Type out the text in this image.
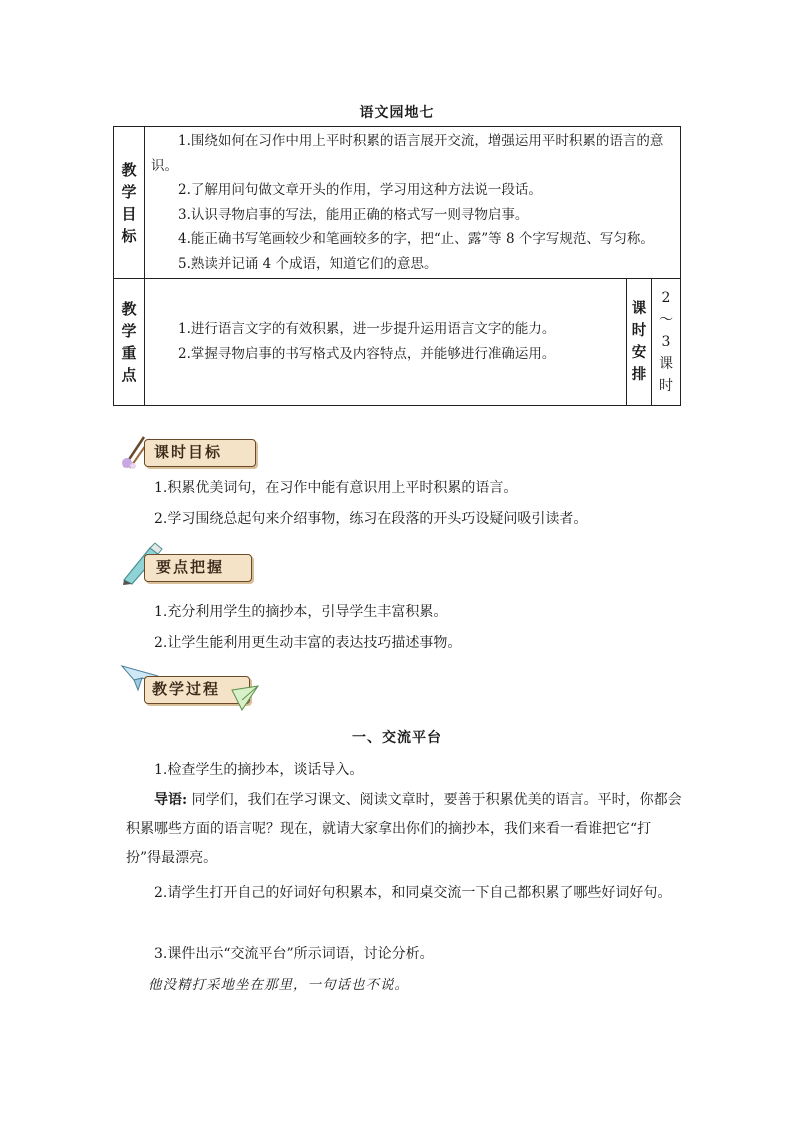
语文园地七
教学目标	1.围绕如何在习作中用上平时积累的语言展开交流，增强运用平时积累的语言的意识。

2.了解用问句做文章开头的作用，学习用这种方法说一段话。

3.认识寻物启事的写法，能用正确的格式写一则寻物启事。

4.能正确书写笔画较少和笔画较多的字，把“止、露”等 8 个字写规范、写匀称。

5.熟读并记诵 4 个成语，知道它们的意思。		

教学重点	1.进行语言文字的有效积累，进一步提升运用语言文字的能力。

2.掌握寻物启事的书写格式及内容特点，并能够进行准确运用。	课时安排	2～3课时
课时目标

1.积累优美词句，在习作中能有意识用上平时积累的语言。

2.学习围绕总起句来介绍事物，练习在段落的开头巧设疑问吸引读者。

要点把握

1.充分利用学生的摘抄本，引导学生丰富积累。

2.让学生能利用更生动丰富的表达技巧描述事物。

教学过程
一、交流平台

1.检查学生的摘抄本，谈话导入。

导语: 同学们，我们在学习课文、阅读文章时，要善于积累优美的语言。平时，你都会积累哪些方面的语言呢？现在，就请大家拿出你们的摘抄本，我们来看一看谁把它“打扮”得最漂亮。

2.请学生打开自己的好词好句积累本，和同桌交流一下自己都积累了哪些好词好句。

3.课件出示“交流平台”所示词语，讨论分析。

他没精打采地坐在那里，一句话也不说。
